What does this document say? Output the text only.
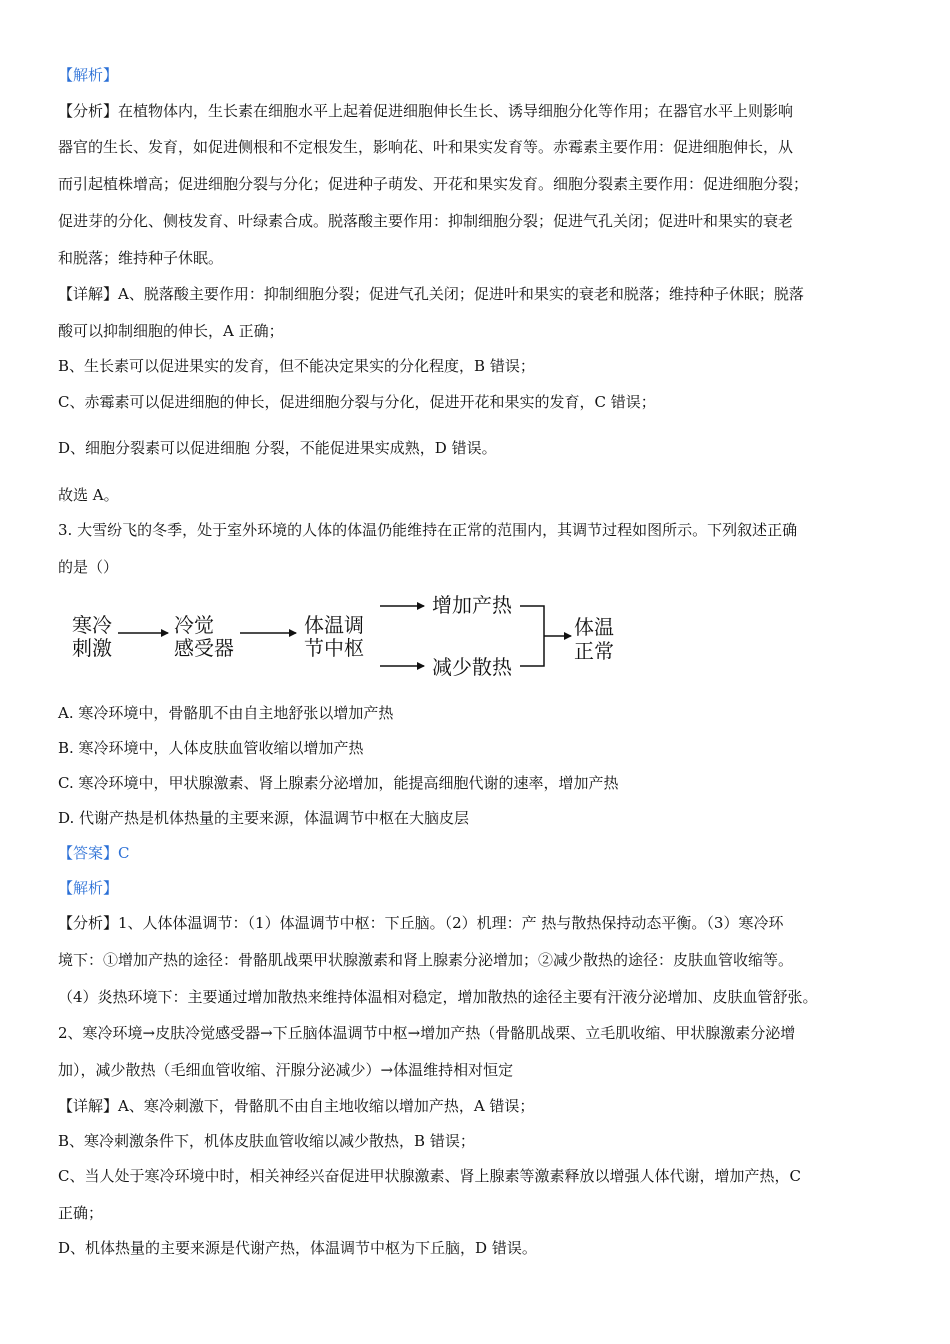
【解析】
【分析】在植物体内，生长素在细胞水平上起着促进细胞伸长生长、诱导细胞分化等作用；在器官水平上则影响
器官的生长、发育，如促进侧根和不定根发生，影响花、叶和果实发育等。赤霉素主要作用：促进细胞伸长，从
而引起植株增高；促进细胞分裂与分化；促进种子萌发、开花和果实发育。细胞分裂素主要作用：促进细胞分裂；
促进芽的分化、侧枝发育、叶绿素合成。脱落酸主要作用：抑制细胞分裂；促进气孔关闭；促进叶和果实的衰老
和脱落；维持种子休眠。
【详解】A、脱落酸主要作用：抑制细胞分裂；促进气孔关闭；促进叶和果实的衰老和脱落；维持种子休眠；脱落
酸可以抑制细胞的伸长，A 正确；
B、生长素可以促进果实的发育，但不能决定果实的分化程度，B 错误；
C、赤霉素可以促进细胞的伸长，促进细胞分裂与分化，促进开花和果实的发育，C 错误；
D、细胞分裂素可以促进细胞 分裂，不能促进果实成熟，D 错误。
故选 A。
3. 大雪纷飞的冬季，处于室外环境的人体的体温仍能维持在正常的范围内，其调节过程如图所示。下列叙述正确
的是（）
寒冷
刺激
冷觉
感受器
体温调
节中枢
增加产热
减少散热
体温
正常
A. 寒冷环境中，骨骼肌不由自主地舒张以增加产热
B. 寒冷环境中，人体皮肤血管收缩以增加产热
C. 寒冷环境中，甲状腺激素、肾上腺素分泌增加，能提高细胞代谢的速率，增加产热
D. 代谢产热是机体热量的主要来源，体温调节中枢在大脑皮层
【答案】C
【解析】
【分析】1、人体体温调节：（1）体温调节中枢：下丘脑。（2）机理：产 热与散热保持动态平衡。（3）寒冷环
境下：①增加产热的途径：骨骼肌战栗甲状腺激素和肾上腺素分泌增加；②减少散热的途径：皮肤血管收缩等。
（4）炎热环境下：主要通过增加散热来维持体温相对稳定，增加散热的途径主要有汗液分泌增加、皮肤血管舒张。
2、寒冷环境→皮肤冷觉感受器→下丘脑体温调节中枢→增加产热（骨骼肌战栗、立毛肌收缩、甲状腺激素分泌增
加），减少散热（毛细血管收缩、汗腺分泌减少）→体温维持相对恒定
【详解】A、寒冷刺激下，骨骼肌不由自主地收缩以增加产热，A 错误；
B、寒冷刺激条件下，机体皮肤血管收缩以减少散热，B 错误；
C、当人处于寒冷环境中时，相关神经兴奋促进甲状腺激素、肾上腺素等激素释放以增强人体代谢，增加产热，C
正确；
D、机体热量的主要来源是代谢产热，体温调节中枢为下丘脑，D 错误。
